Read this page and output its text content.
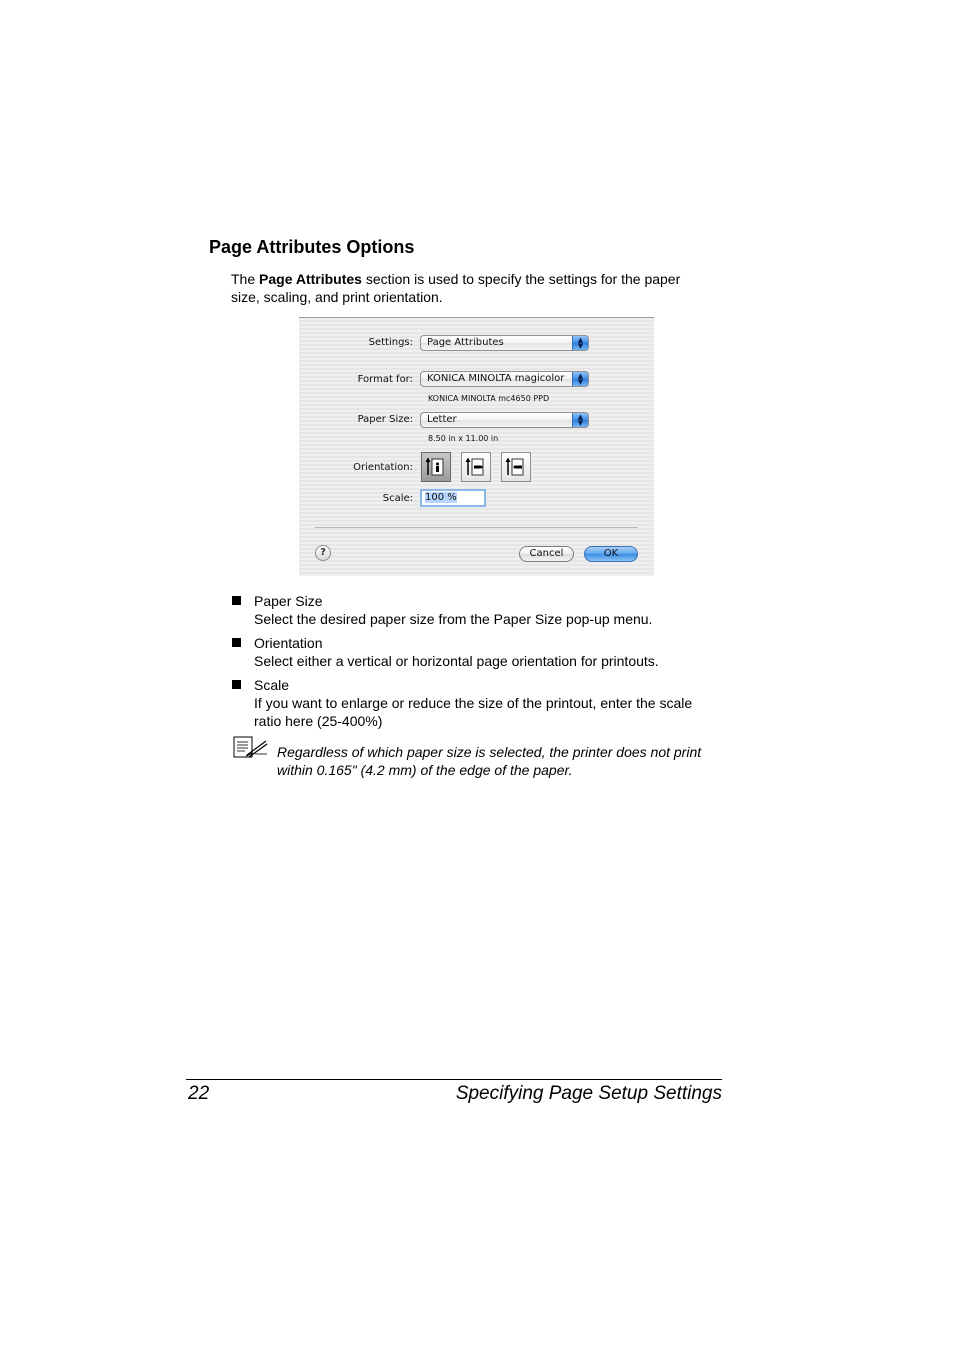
Page Attributes Options

The Page Attributes section is used to specify the settings for the paper size, scaling, and print orientation.

Settings:	Page Attributes	▲
▼
Format for:	KONICA MINOLTA magicolor	▲
▼
KONICA MINOLTA mc4650 PPD
Paper Size:	Letter	▲
▼
8.50 in x 11.00 in
Orientation:
Scale:	100 %
?	Cancel	OK
Paper Size
Select the desired paper size from the Paper Size pop-up menu.
Orientation
Select either a vertical or horizontal page orientation for printouts.
Scale
If you want to enlarge or reduce the size of the printout, enter the scale ratio here (25-400%)
Regardless of which paper size is selected, the printer does not print within 0.165" (4.2 mm) of the edge of the paper.
22	Specifying Page Setup Settings
